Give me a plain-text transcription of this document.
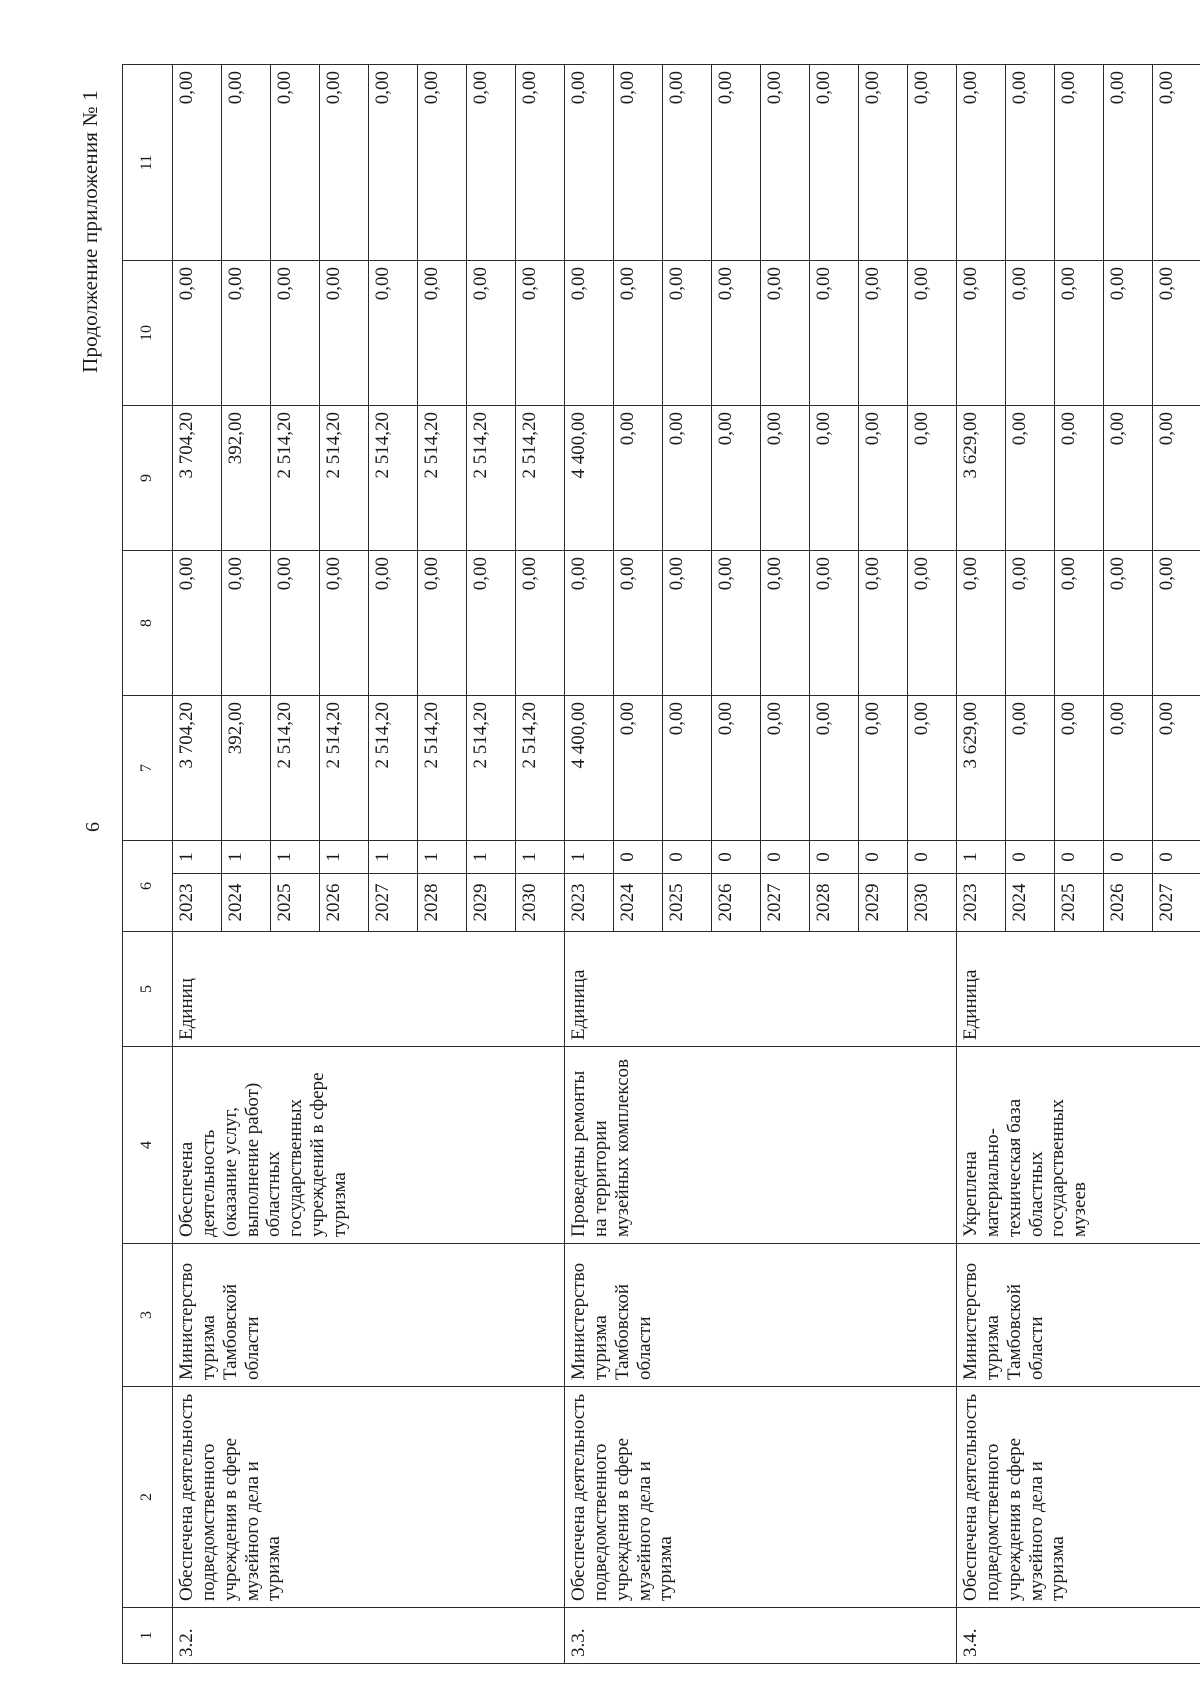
6
Продолжение приложения № 1
1	2	3	4	5	6		7	8	9	10	11
3.2.	Обеспечена деятельность подведомственного учреждения в сфере музейного дела и туризма	Министерство туризма Тамбовской области	Обеспечена деятельность (оказание услуг, выполнение работ) областных государственных учреждений в сфере туризма	Единиц	2023	1	3 704,20	0,00	3 704,20	0,00	0,00
					2024	1	392,00	0,00	392,00	0,00	0,00
					2025	1	2 514,20	0,00	2 514,20	0,00	0,00
					2026	1	2 514,20	0,00	2 514,20	0,00	0,00
					2027	1	2 514,20	0,00	2 514,20	0,00	0,00
					2028	1	2 514,20	0,00	2 514,20	0,00	0,00
					2029	1	2 514,20	0,00	2 514,20	0,00	0,00
					2030	1	2 514,20	0,00	2 514,20	0,00	0,00
3.3.	Обеспечена деятельность подведомственного учреждения в сфере музейного дела и туризма	Министерство туризма Тамбовской области	Проведены ремонты на территории музейных комплексов	Единица	2023	1	4 400,00	0,00	4 400,00	0,00	0,00
					2024	0	0,00	0,00	0,00	0,00	0,00
					2025	0	0,00	0,00	0,00	0,00	0,00
					2026	0	0,00	0,00	0,00	0,00	0,00
					2027	0	0,00	0,00	0,00	0,00	0,00
					2028	0	0,00	0,00	0,00	0,00	0,00
					2029	0	0,00	0,00	0,00	0,00	0,00
					2030	0	0,00	0,00	0,00	0,00	0,00
3.4.	Обеспечена деятельность подведомственного учреждения в сфере музейного дела и туризма	Министерство туризма Тамбовской области	Укреплена материально-техническая база областных государственных музеев	Единица	2023	1	3 629,00	0,00	3 629,00	0,00	0,00
					2024	0	0,00	0,00	0,00	0,00	0,00
					2025	0	0,00	0,00	0,00	0,00	0,00
					2026	0	0,00	0,00	0,00	0,00	0,00
					2027	0	0,00	0,00	0,00	0,00	0,00
